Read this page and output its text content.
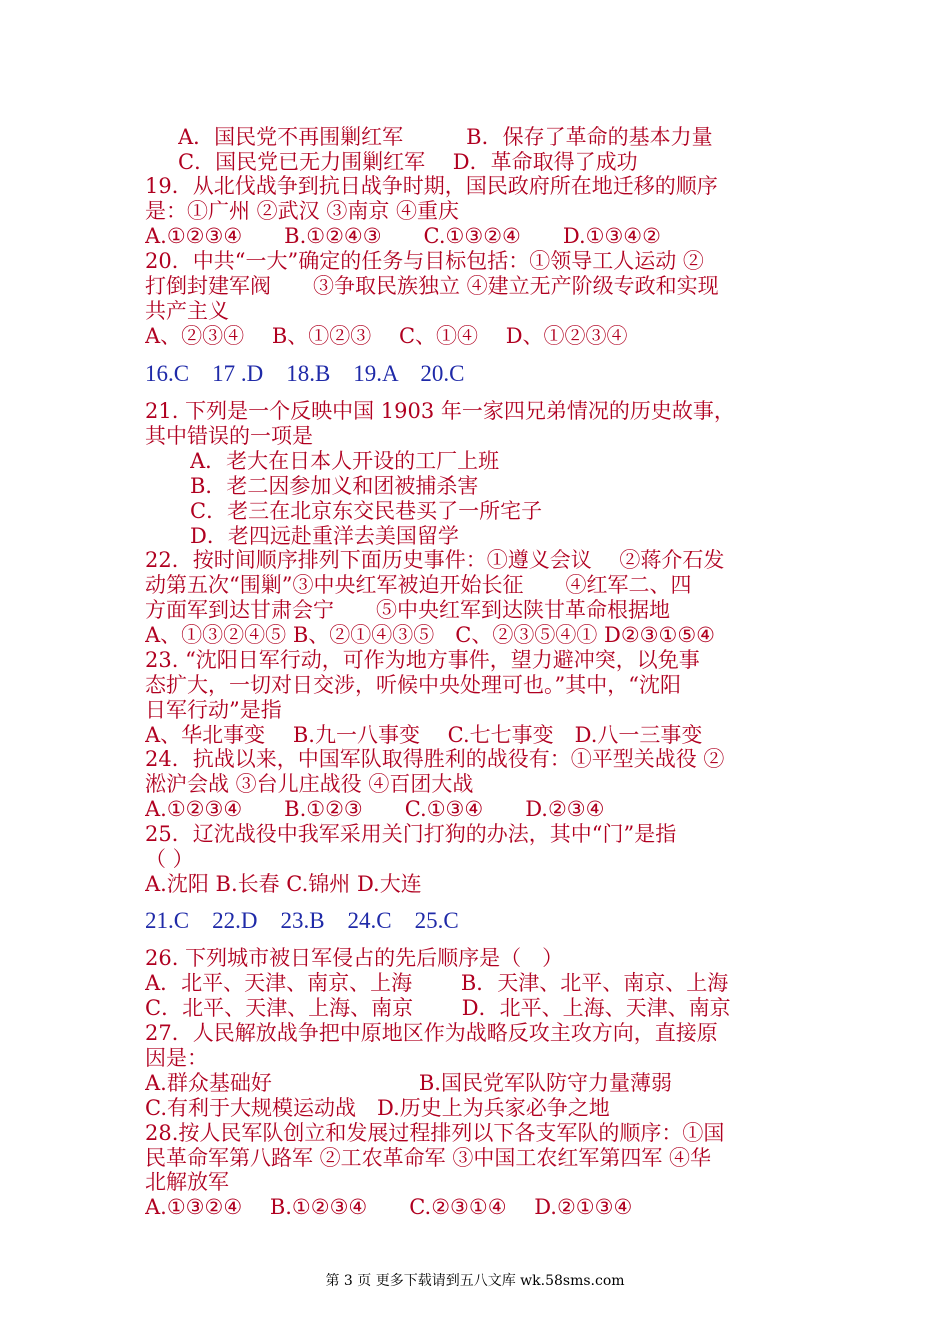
A．国民党不再围剿红军　　　B．保存了革命的基本力量
C．国民党已无力围剿红军　 D．革命取得了成功
19．从北伐战争到抗日战争时期，国民政府所在地迁移的顺序
是：①广州 ②武汉 ③南京 ④重庆
A.①②③④　　B.①②④③　　C.①③②④　　D.①③④②
20．中共“一大”确定的任务与目标包括：①领导工人运动 ②
打倒封建军阀　　③争取民族独立 ④建立无产阶级专政和实现
共产主义
A、②③④　 B、①②③　 C、①④　 D、①②③④
16.C　17 .D　18.B　19.A　20.C
21. 下列是一个反映中国 1903 年一家四兄弟情况的历史故事，
其中错误的一项是
A．老大在日本人开设的工厂上班
B．老二因参加义和团被捕杀害
C．老三在北京东交民巷买了一所宅子
D．老四远赴重洋去美国留学
22．按时间顺序排列下面历史事件：①遵义会议　 ②蒋介石发
动第五次“围剿”③中央红军被迫开始长征　　④红军二、四
方面军到达甘肃会宁　　⑤中央红军到达陕甘革命根据地
A、①③②④⑤ B、②①④③⑤　C、②③⑤④① D②③①⑤④
23. “沈阳日军行动，可作为地方事件，望力避冲突，以免事
态扩大，一切对日交涉，听候中央处理可也。”其中，“沈阳
日军行动”是指
A、华北事变　 B.九一八事变　 C.七七事变　D.八一三事变
24．抗战以来，中国军队取得胜利的战役有：①平型关战役 ②
淞沪会战 ③台儿庄战役 ④百团大战
A.①②③④　　B.①②③　　C.①③④　　D.②③④
25．辽沈战役中我军采用关门打狗的办法，其中“门”是指
（ ）
A.沈阳 B.长春 C.锦州 D.大连
21.C　22.D　23.B　24.C　25.C
26. 下列城市被日军侵占的先后顺序是（　）
A．北平、天津、南京、上海　　 B．天津、北平、南京、上海
C．北平、天津、上海、南京　　 D．北平、上海、天津、南京
27．人民解放战争把中原地区作为战略反攻主攻方向，直接原
因是：
A.群众基础好　　　　　　　B.国民党军队防守力量薄弱
C.有利于大规模运动战　D.历史上为兵家必争之地
28.按人民军队创立和发展过程排列以下各支军队的顺序：①国
民革命军第八路军 ②工农革命军 ③中国工农红军第四军 ④华
北解放军
A.①③②④　 B.①②③④　　C.②③①④　 D.②①③④
第 3 页 更多下载请到五八文库 wk.58sms.com
